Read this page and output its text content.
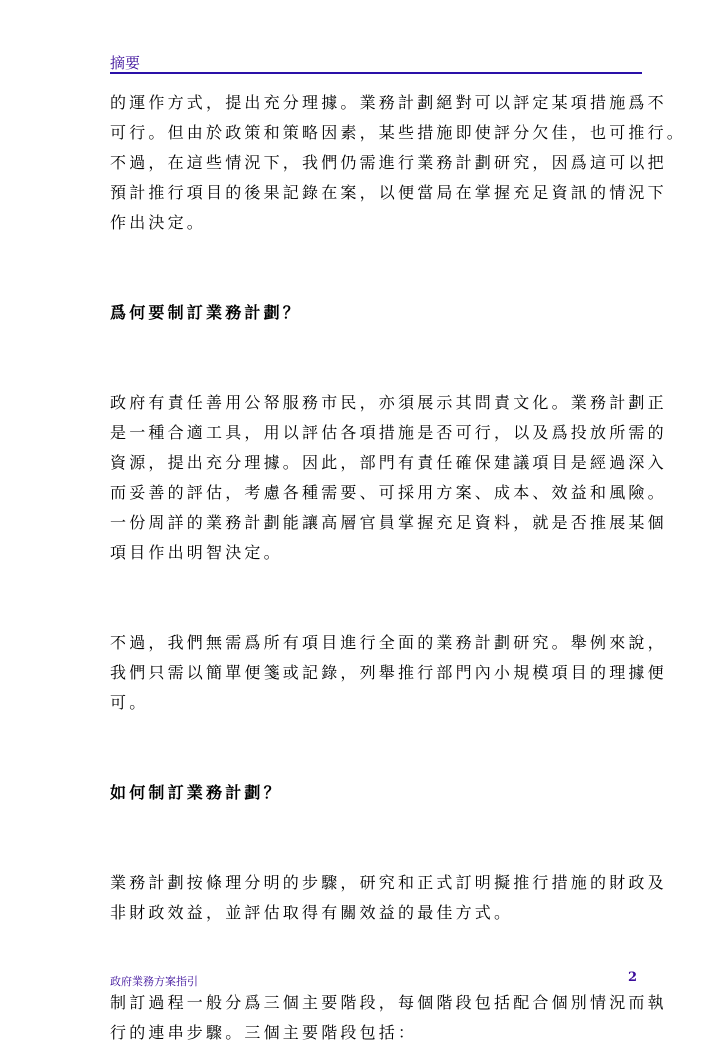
摘要

的運作方式，提出充分理據。業務計劃絕對可以評定某項措施爲不
可行。但由於政策和策略因素，某些措施即使評分欠佳，也可推行。
不過，在這些情況下，我們仍需進行業務計劃研究，因爲這可以把
預計推行項目的後果記錄在案，以便當局在掌握充足資訊的情況下
作出決定。

爲何要制訂業務計劃？

政府有責任善用公帑服務市民，亦須展示其問責文化。業務計劃正
是一種合適工具，用以評估各項措施是否可行，以及爲投放所需的
資源，提出充分理據。因此，部門有責任確保建議項目是經過深入
而妥善的評估，考慮各種需要、可採用方案、成本、效益和風險。
一份周詳的業務計劃能讓高層官員掌握充足資料，就是否推展某個
項目作出明智決定。

不過，我們無需爲所有項目進行全面的業務計劃研究。舉例來說，
我們只需以簡單便箋或記錄，列舉推行部門內小規模項目的理據便
可。

如何制訂業務計劃？

業務計劃按條理分明的步驟，研究和正式訂明擬推行措施的財政及
非財政效益，並評估取得有關效益的最佳方式。

制訂過程一般分爲三個主要階段，每個階段包括配合個別情況而執
行的連串步驟。三個主要階段包括：

政府業務方案指引	2
